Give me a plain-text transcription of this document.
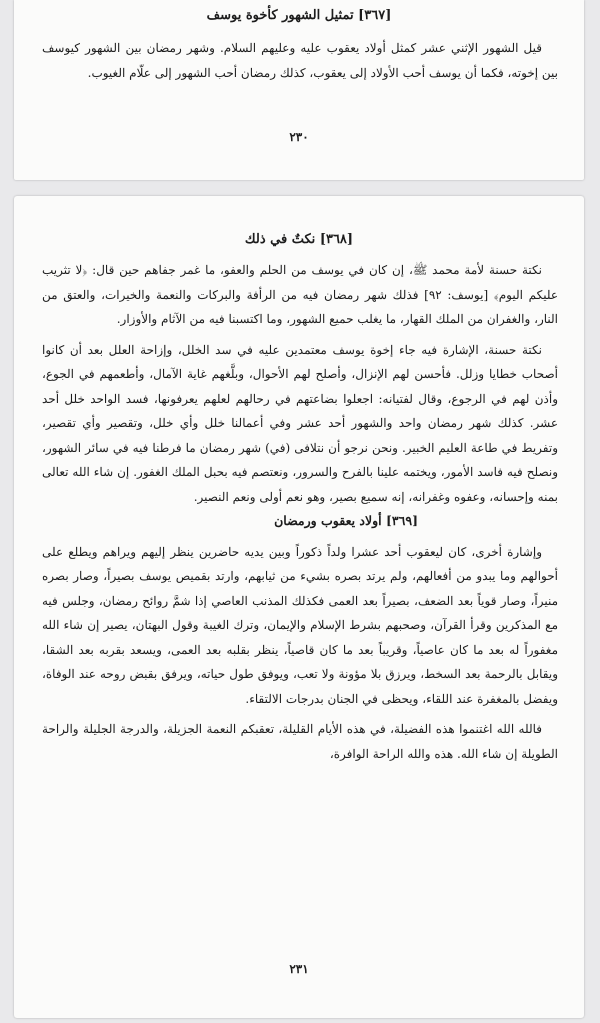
[٣٦٧] تمثيل الشهور كأخوة يوسف

قيل الشهور الإثني عشر كمثل أولاد يعقوب عليه وعليهم السلام. وشهر رمضان بين الشهور كيوسف بين إخوته، فكما أن يوسف أحب الأولاد إلى يعقوب، كذلك رمضان أحب الشهور إلى علّام الغيوب.

٢٣٠
[٣٦٨] نكتٌ في ذلك

نكتة حسنة لأمة محمد ﷺ، إن كان في يوسف من الحلم والعفو، ما غمر جفاهم حين قال: ﴿لا تثريب عليكم اليوم﴾ [يوسف: ٩٢] فذلك شهر رمضان فيه من الرأفة والبركات والنعمة والخيرات، والعتق من النار، والغفران من الملك القهار، ما يغلب حميع الشهور، وما اكتسبنا فيه من الآثام والأوزار.

نكتة حسنة، الإشارة فيه جاء إخوة يوسف معتمدين عليه في سد الخلل، وإزاحة العلل بعد أن كانوا أصحاب خطايا وزلل. فأحسن لهم الإنزال، وأصلح لهم الأحوال، وبلَّغهم غاية الآمال، وأطعمهم في الجوع، وأذن لهم في الرجوع، وقال لفتيانه: اجعلوا بضاعتهم في رحالهم لعلهم يعرفونها، فسد الواحد خلل أحد عشر. كذلك شهر رمضان واحد والشهور أحد عشر وفي أعمالنا خلل وأي خلل، وتقصير وأي تقصير، وتفريط في طاعة العليم الخبير. ونحن نرجو أن نتلافى (في) شهر رمضان ما فرطنا فيه في سائر الشهور، ونصلح فيه فاسد الأمور، ويختمه علينا بالفرح والسرور، ونعتصم فيه بحبل الملك الغفور. إن شاء الله تعالى بمنه وإحسانه، وعفوه وغفرانه، إنه سميع بصير، وهو نعم أولى ونعم النصير.

[٣٦٩] أولاد يعقوب ورمضان

وإشارة أخرى، كان ليعقوب أحد عشرا ولداً ذكوراً وبين يديه حاضرين ينظر إليهم ويراهم ويطلع على أحوالهم وما يبدو من أفعالهم، ولم يرتد بصره بشيء من ثيابهم، وارتد بقميص يوسف بصيراً، وصار بصره منيراً، وصار قوياً بعد الضعف، بصيراً بعد العمى فكذلك المذنب العاصي إذا شمَّ روائح رمضان، وجلس فيه مع المذكرين وقرأ القرآن، وصحبهم بشرط الإسلام والإيمان، وترك الغيبة وقول البهتان، يصير إن شاء الله مغفوراً له بعد ما كان عاصياً، وقريباً بعد ما كان قاصياً، ينظر بقلبه بعد العمى، ويسعد بقربه بعد الشقا، ويقابل بالرحمة بعد السخط، ويرزق بلا مؤونة ولا تعب، ويوفق طول حياته، ويرفق بقبض روحه عند الوفاة، ويفضل بالمغفرة عند اللقاء، ويحظى في الجنان بدرجات الالتقاء.

فالله الله اغتنموا هذه الفضيلة، في هذه الأيام القليلة، تعقبكم النعمة الجزيلة، والدرجة الجليلة والراحة الطويلة إن شاء الله. هذه والله الراحة الوافرة،

٢٣١
